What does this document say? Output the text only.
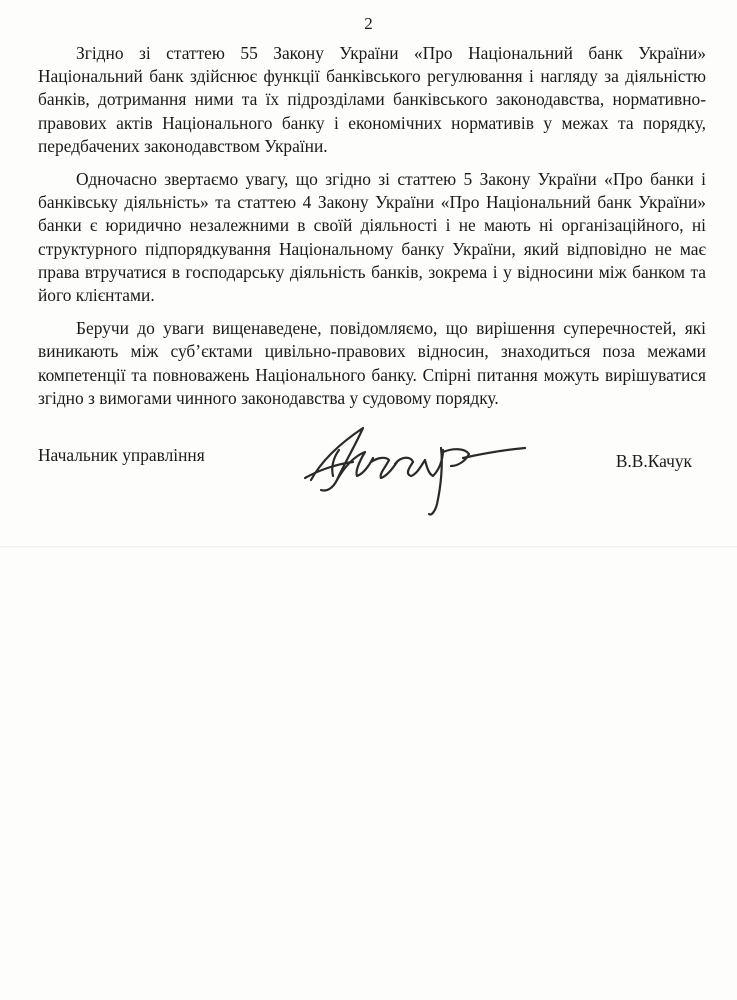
2

Згідно зі статтею 55 Закону України «Про Національний банк України» Національний банк здійснює функції банківського регулювання і нагляду за діяльністю банків, дотримання ними та їх підрозділами банківського законодавства, нормативно-правових актів Національного банку і економічних нормативів у межах та порядку, передбачених законодавством України.

Одночасно звертаємо увагу, що згідно зі статтею 5 Закону України «Про банки і банківську діяльність» та статтею 4 Закону України «Про Національний банк України» банки є юридично незалежними в своїй діяльності і не мають ні організаційного, ні структурного підпорядкування Національному банку України, який відповідно не має права втручатися в господарську діяльність банків, зокрема і у відносини між банком та його клієнтами.

Беручи до уваги вищенаведене, повідомляємо, що вирішення суперечностей, які виникають між суб’єктами цивільно-правових відносин, знаходиться поза межами компетенції та повноважень Національного банку. Спірні питання можуть вирішуватися згідно з вимогами чинного законодавства у судовому порядку.

Начальник управління	В.В.Качук
